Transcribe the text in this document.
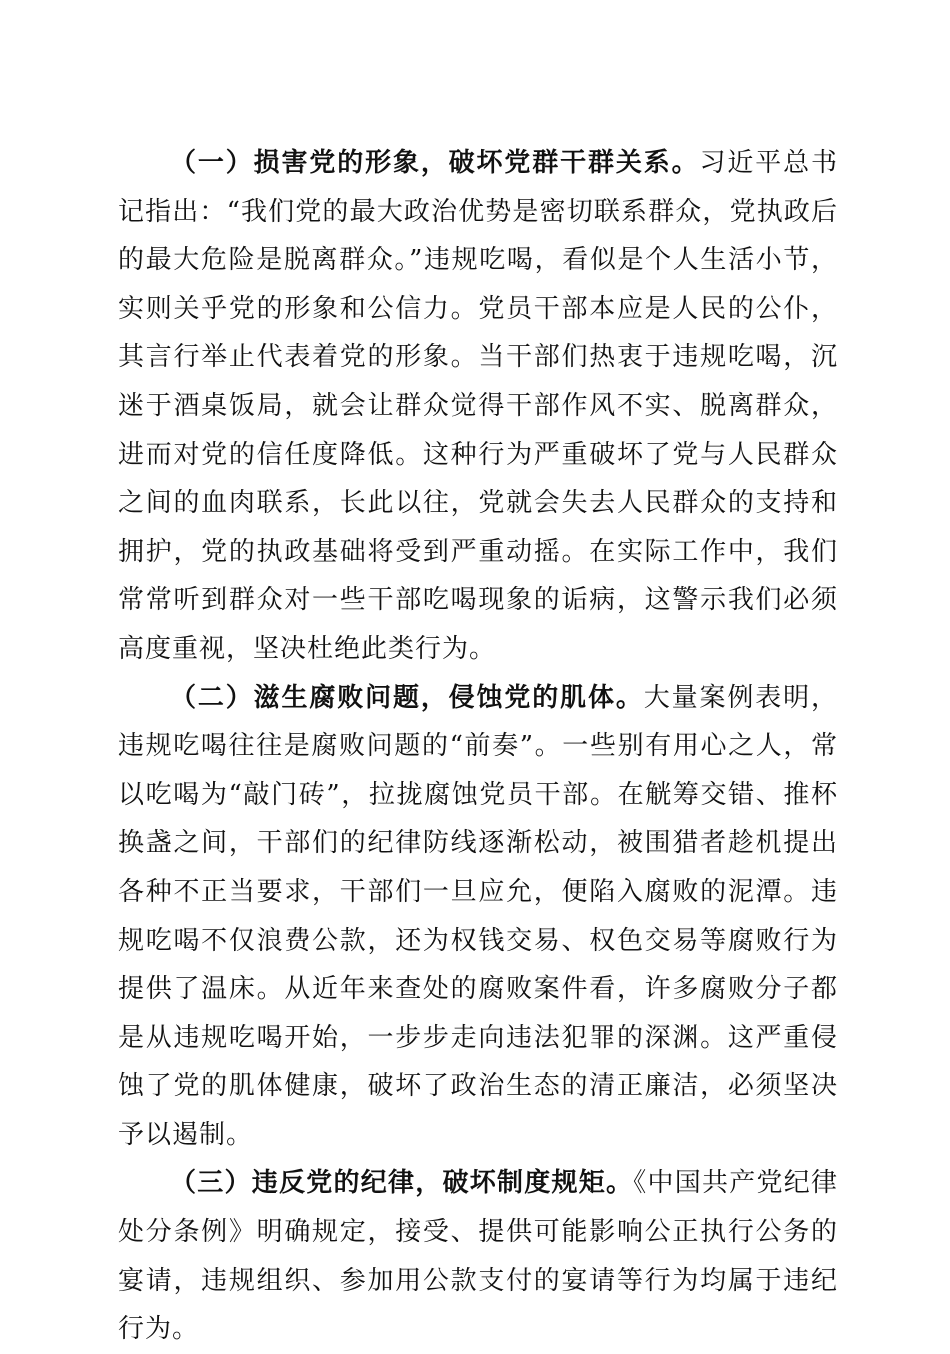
（一）损害党的形象，破坏党群干群关系。习近平总书记指出：“我们党的最大政治优势是密切联系群众，党执政后的最大危险是脱离群众。”违规吃喝，看似是个人生活小节，实则关乎党的形象和公信力。党员干部本应是人民的公仆，其言行举止代表着党的形象。当干部们热衷于违规吃喝，沉迷于酒桌饭局，就会让群众觉得干部作风不实、脱离群众，进而对党的信任度降低。这种行为严重破坏了党与人民群众之间的血肉联系，长此以往，党就会失去人民群众的支持和拥护，党的执政基础将受到严重动摇。在实际工作中，我们常常听到群众对一些干部吃喝现象的诟病，这警示我们必须高度重视，坚决杜绝此类行为。

（二）滋生腐败问题，侵蚀党的肌体。大量案例表明，违规吃喝往往是腐败问题的“前奏”。一些别有用心之人，常以吃喝为“敲门砖”，拉拢腐蚀党员干部。在觥筹交错、推杯换盏之间，干部们的纪律防线逐渐松动，被围猎者趁机提出各种不正当要求，干部们一旦应允，便陷入腐败的泥潭。违规吃喝不仅浪费公款，还为权钱交易、权色交易等腐败行为提供了温床。从近年来查处的腐败案件看，许多腐败分子都是从违规吃喝开始，一步步走向违法犯罪的深渊。这严重侵蚀了党的肌体健康，破坏了政治生态的清正廉洁，必须坚决予以遏制。

（三）违反党的纪律，破坏制度规矩。《中国共产党纪律处分条例》明确规定，接受、提供可能影响公正执行公务的宴请，违规组织、参加用公款支付的宴请等行为均属于违纪行为。
